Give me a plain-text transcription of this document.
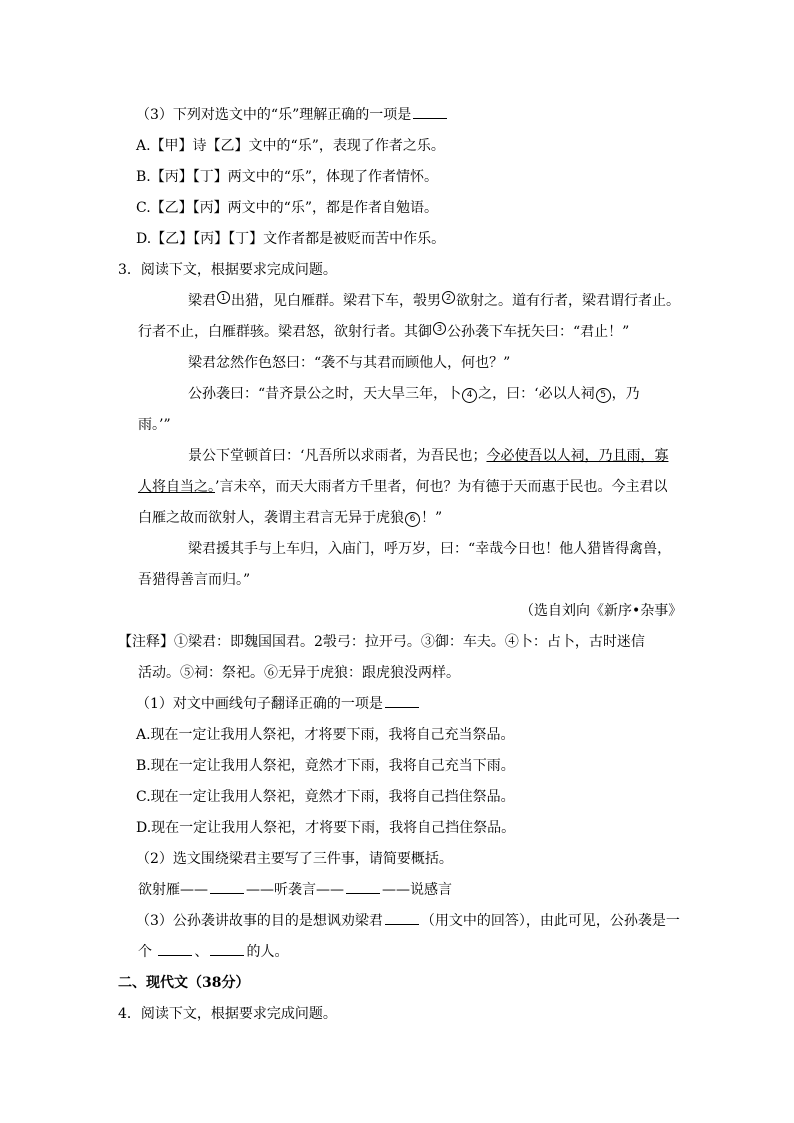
（3）下列对选文中的“乐”理解正确的一项是
A.【甲】诗【乙】文中的“乐”，表现了作者之乐。
B.【丙】【丁】两文中的“乐”，体现了作者情怀。
C.【乙】【丙】两文中的“乐”，都是作者自勉语。
D.【乙】【丙】【丁】文作者都是被贬而苦中作乐。
3．阅读下文，根据要求完成问题。
梁君 1 出猎，见白雁群。梁君下车，彀男 2 欲射之。道有行者，梁君谓行者止。
行者不止，白雁群骇。梁君怒，欲射行者。其御 3 公孙袭下车抚矢曰：“君止！”
梁君忿然作色怒曰：“袭不与其君而顾他人，何也？”
公孙袭曰：“昔齐景公之时，天大旱三年，卜 4 之，曰：‘必以人祠 5 ，乃
雨。’”
景公下堂顿首曰：‘凡吾所以求雨者，为吾民也；今必使吾以人祠，乃且雨，寡
人将自当之。’言未卒，而天大雨者方千里者，何也？为有德于天而惠于民也。今主君以
白雁之故而欲射人，袭谓主君言无异于虎狼 6 ！”
梁君援其手与上车归，入庙门，呼万岁，曰：“幸哉今日也！他人猎皆得禽兽，
吾猎得善言而归。”
（选自刘向《新序•杂事》
【注释】①梁君：即魏国国君。2彀弓：拉开弓。③御：车夫。④卜：占卜，古时迷信
活动。⑤祠：祭祀。⑥无异于虎狼：跟虎狼没两样。
（1）对文中画线句子翻译正确的一项是
A.现在一定让我用人祭祀，才将要下雨，我将自己充当祭品。
B.现在一定让我用人祭祀，竟然才下雨，我将自己充当下雨。
C.现在一定让我用人祭祀，竟然才下雨，我将自己挡住祭品。
D.现在一定让我用人祭祀，才将要下雨，我将自己挡住祭品。
（2）选文围绕梁君主要写了三件事，请简要概括。
欲射雁——	——听袭言——	——说感言
（3）公孙袭讲故事的目的是想讽劝梁君	（用文中的回答），由此可见，公孙袭是一
个	、	的人。
二、现代文（38分）
4．阅读下文，根据要求完成问题。
